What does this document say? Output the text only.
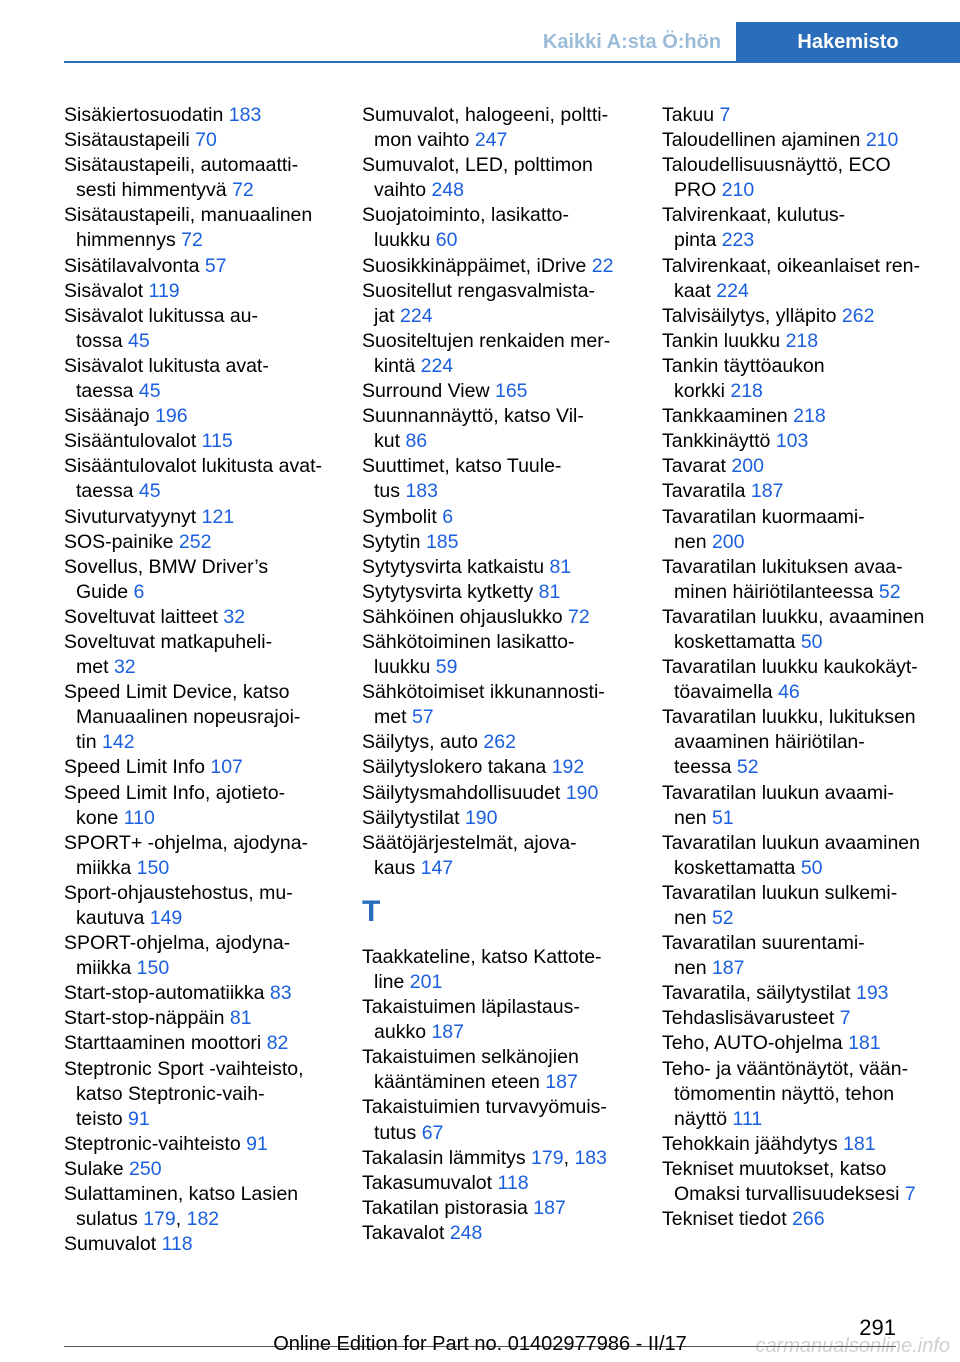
Kaikki A:sta Ö:hön	Hakemisto
Sisäkiertosuodatin 183
Sisätaustapeili 70
Sisätaustapeili, automaatti-
sesti himmentyvä 72
Sisätaustapeili, manuaalinen
himmennys 72
Sisätilavalvonta 57
Sisävalot 119
Sisävalot lukitussa au-
tossa 45
Sisävalot lukitusta avat-
taessa 45
Sisäänajo 196
Sisääntulovalot 115
Sisääntulovalot lukitusta avat-
taessa 45
Sivuturvatyynyt 121
SOS-painike 252
Sovellus, BMW Driver’s
Guide 6
Soveltuvat laitteet 32
Soveltuvat matkapuheli-
met 32
Speed Limit Device, katso
Manuaalinen nopeusrajoi-
tin 142
Speed Limit Info 107
Speed Limit Info, ajotieto-
kone 110
SPORT+ -ohjelma, ajodyna-
miikka 150
Sport-ohjaustehostus, mu-
kautuva 149
SPORT-ohjelma, ajodyna-
miikka 150
Start-stop-automatiikka 83
Start-stop-näppäin 81
Starttaaminen moottori 82
Steptronic Sport -vaihteisto,
katso Steptronic-vaih-
teisto 91
Steptronic-vaihteisto 91
Sulake 250
Sulattaminen, katso Lasien
sulatus 179, 182
Sumuvalot 118
Sumuvalot, halogeeni, poltti-
mon vaihto 247
Sumuvalot, LED, polttimon
vaihto 248
Suojatoiminto, lasikatto-
luukku 60
Suosikkinäppäimet, iDrive 22
Suositellut rengasvalmista-
jat 224
Suositeltujen renkaiden mer-
kintä 224
Surround View 165
Suunnannäyttö, katso Vil-
kut 86
Suuttimet, katso Tuule-
tus 183
Symbolit 6
Sytytin 185
Sytytysvirta katkaistu 81
Sytytysvirta kytketty 81
Sähköinen ohjauslukko 72
Sähkötoiminen lasikatto-
luukku 59
Sähkötoimiset ikkunannosti-
met 57
Säilytys, auto 262
Säilytyslokero takana 192
Säilytysmahdollisuudet 190
Säilytystilat 190
Säätöjärjestelmät, ajova-
kaus 147
T
Taakkateline, katso Kattote-
line 201
Takaistuimen läpilastaus-
aukko 187
Takaistuimen selkänojien
kääntäminen eteen 187
Takaistuimien turvavyömuis-
tutus 67
Takalasin lämmitys 179, 183
Takasumuvalot 118
Takatilan pistorasia 187
Takavalot 248
Takuu 7
Taloudellinen ajaminen 210
Taloudellisuusnäyttö, ECO
PRO 210
Talvirenkaat, kulutus-
pinta 223
Talvirenkaat, oikeanlaiset ren-
kaat 224
Talvisäilytys, ylläpito 262
Tankin luukku 218
Tankin täyttöaukon
korkki 218
Tankkaaminen 218
Tankkinäyttö 103
Tavarat 200
Tavaratila 187
Tavaratilan kuormaami-
nen 200
Tavaratilan lukituksen avaa-
minen häiriötilanteessa 52
Tavaratilan luukku, avaaminen
koskettamatta 50
Tavaratilan luukku kaukokäyt-
töavaimella 46
Tavaratilan luukku, lukituksen
avaaminen häiriötilan-
teessa 52
Tavaratilan luukun avaami-
nen 51
Tavaratilan luukun avaaminen
koskettamatta 50
Tavaratilan luukun sulkemi-
nen 52
Tavaratilan suurentami-
nen 187
Tavaratila, säilytystilat 193
Tehdaslisävarusteet 7
Teho, AUTO-ohjelma 181
Teho- ja vääntönäytöt, vään-
tömomentin näyttö, tehon
näyttö 111
Tehokkain jäähdytys 181
Tekniset muutokset, katso
Omaksi turvallisuudeksesi 7
Tekniset tiedot 266
291
Online Edition for Part no. 01402977986 - II/17	carmanualsonline.info
